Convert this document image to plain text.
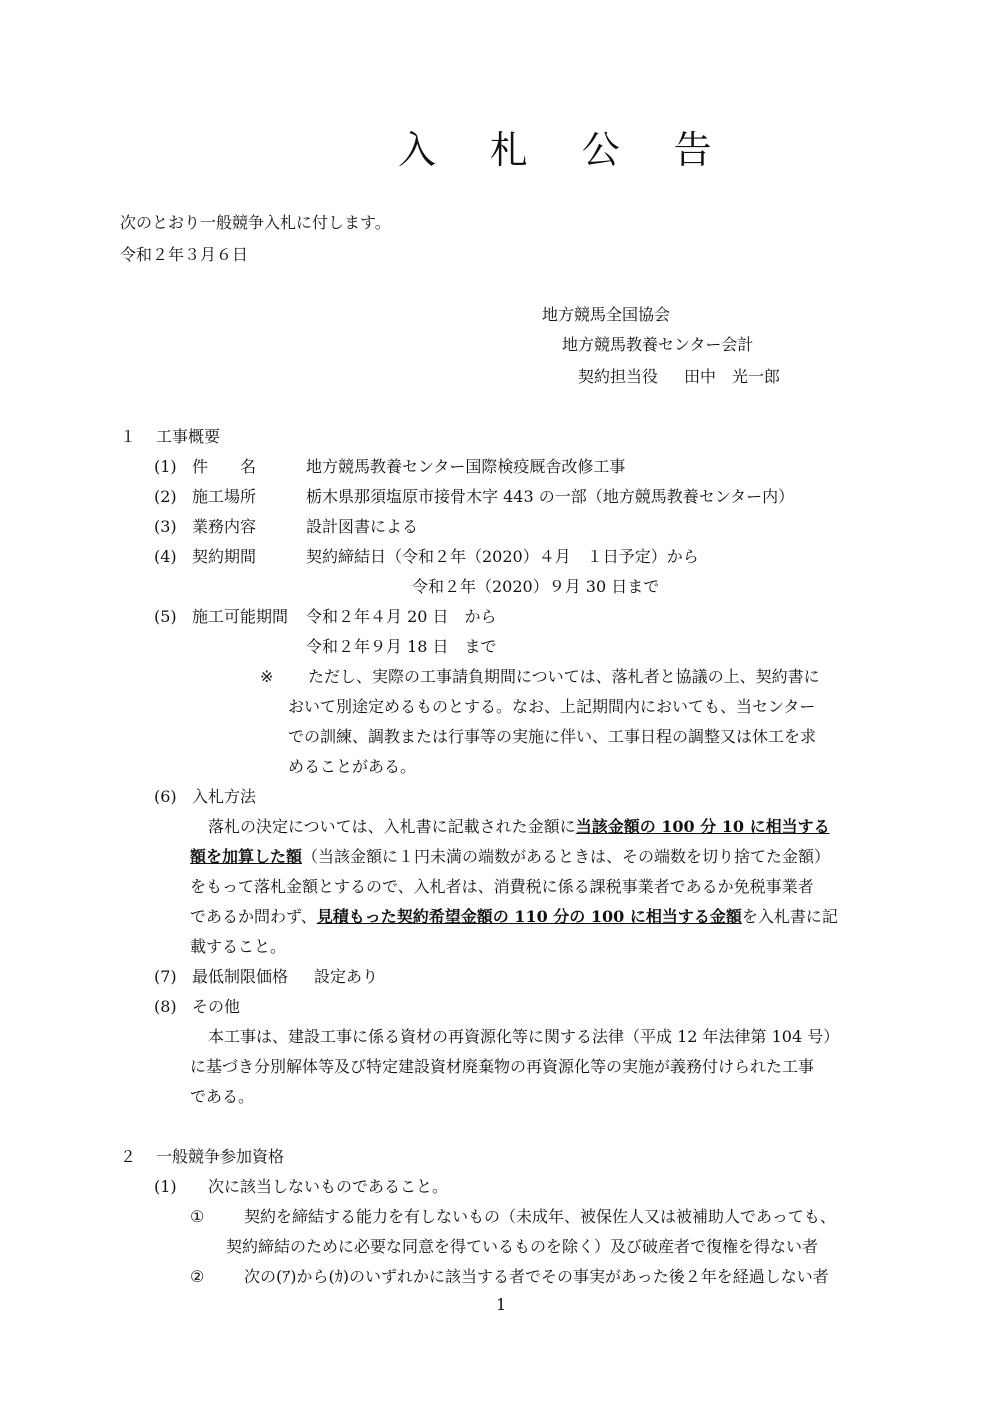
入 札 公 告
次のとおり一般競争入札に付します。
令和２年３月６日
地方競馬全国協会
地方競馬教養センター会計
契約担当役 田中　光一郎
１ 工事概要
(1) 件　　名	地方競馬教養センター国際検疫厩舎改修工事
(2) 施工場所	栃木県那須塩原市接骨木字 443 の一部（地方競馬教養センター内）
(3) 業務内容	設計図書による
(4) 契約期間	契約締結日（令和２年（2020）４月　１日予定）から
令和２年（2020）９月 30 日まで
(5) 施工可能期間 令和２年４月 20 日　から
令和２年９月 18 日　まで
※ ただし、実際の工事請負期間については、落札者と協議の上、契約書に
おいて別途定めるものとする。なお、上記期間内においても、当センター
での訓練、調教または行事等の実施に伴い、工事日程の調整又は休工を求
めることがある。
(6) 入札方法
落札の決定については、入札書に記載された金額に当該金額の 100 分 10 に相当する
額を加算した額（当該金額に１円未満の端数があるときは、その端数を切り捨てた金額）
をもって落札金額とするので、入札者は、消費税に係る課税事業者であるか免税事業者
であるか問わず、見積もった契約希望金額の 110 分の 100 に相当する金額を入札書に記
載すること。
(7) 最低制限価格 設定あり
(8) その他
本工事は、建設工事に係る資材の再資源化等に関する法律（平成 12 年法律第 104 号）
に基づき分別解体等及び特定建設資材廃棄物の再資源化等の実施が義務付けられた工事
である。
２ 一般競争参加資格
(1) 次に該当しないものであること。
① 契約を締結する能力を有しないもの（未成年、被保佐人又は被補助人であっても、
契約締結のために必要な同意を得ているものを除く）及び破産者で復権を得ない者
② 次の(ｱ)から(ｶ)のいずれかに該当する者でその事実があった後２年を経過しない者
1
